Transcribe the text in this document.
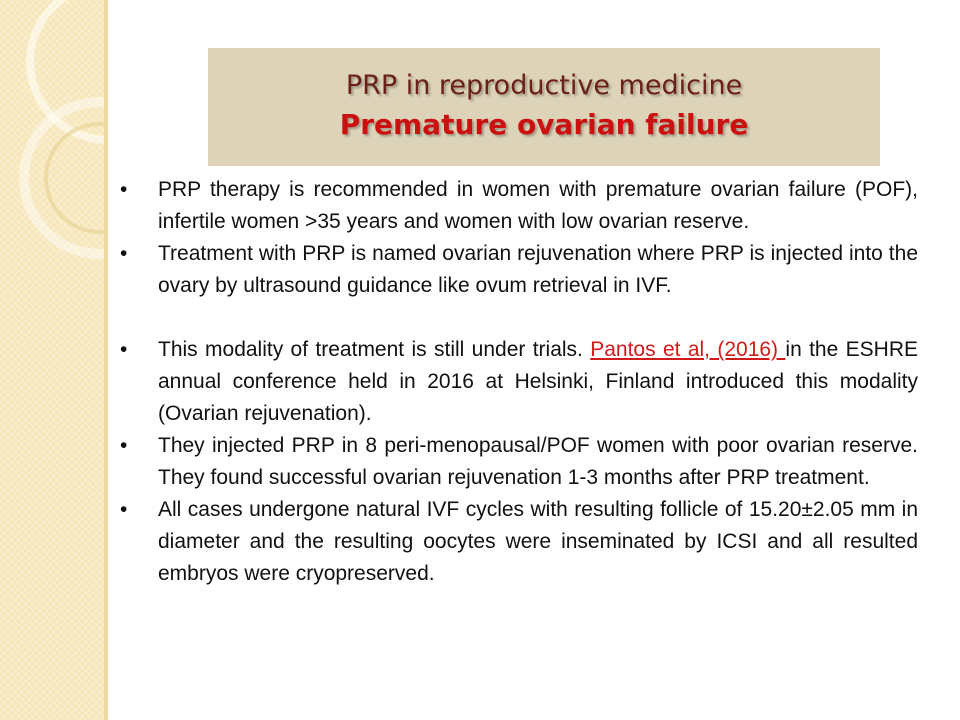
PRP in reproductive medicine
Premature ovarian failure
• PRP therapy is recommended in women with premature ovarian failure (POF), infertile women >35 years and women with low ovarian reserve.
• Treatment with PRP is named ovarian rejuvenation where PRP is injected into the ovary by ultrasound guidance like ovum retrieval in IVF.
• This modality of treatment is still under trials. Pantos et al, (2016) in the ESHRE annual conference held in 2016 at Helsinki, Finland introduced this modality (Ovarian rejuvenation).
• They injected PRP in 8 peri-menopausal/POF women with poor ovarian reserve. They found successful ovarian rejuvenation 1-3 months after PRP treatment.
• All cases undergone natural IVF cycles with resulting follicle of 15.20±2.05 mm in diameter and the resulting oocytes were inseminated by ICSI and all resulted embryos were cryopreserved.
